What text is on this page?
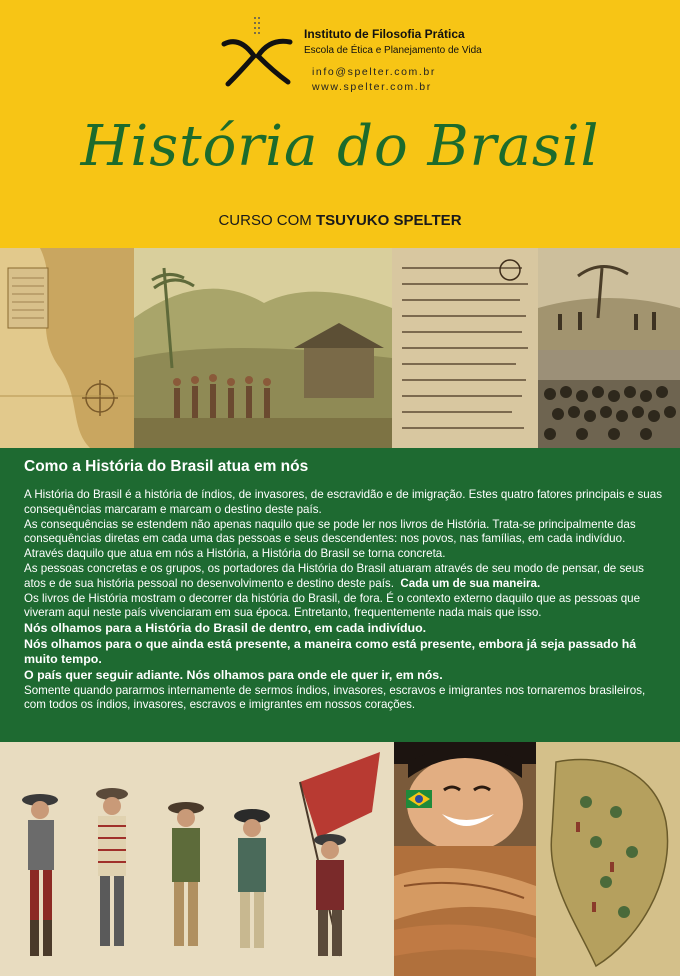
Instituto de Filosofia Prática
Escola de Ética e Planejamento de Vida
info@spelter.com.br
www.spelter.com.br
História do Brasil
CURSO COM TSUYUKO SPELTER
Como a História do Brasil atua em nós

A História do Brasil é a história de índios, de invasores, de escravidão e de imigração. Estes quatro fatores principais e suas consequências marcaram e marcam o destino deste país.

As consequências se estendem não apenas naquilo que se pode ler nos livros de História. Trata-se principalmente das consequências diretas em cada uma das pessoas e seus descendentes: nos povos, nas famílias, em cada indivíduo.

Através daquilo que atua em nós a História, a História do Brasil se torna concreta.

As pessoas concretas e os grupos, os portadores da História do Brasil atuaram através de seu modo de pensar, de seus atos e de sua história pessoal no desenvolvimento e destino deste país. Cada um de sua maneira.

Os livros de História mostram o decorrer da história do Brasil, de fora. É o contexto externo daquilo que as pessoas que viveram aqui neste país vivenciaram em sua época. Entretanto, frequentemente nada mais que isso.

Nós olhamos para a História do Brasil de dentro, em cada indivíduo.

Nós olhamos para o que ainda está presente, a maneira como está presente, embora já seja passado há muito tempo.

O país quer seguir adiante. Nós olhamos para onde ele quer ir, em nós.

Somente quando pararmos internamente de sermos índios, invasores, escravos e imigrantes nos tornaremos brasileiros, com todos os índios, invasores, escravos e imigrantes em nossos corações.
